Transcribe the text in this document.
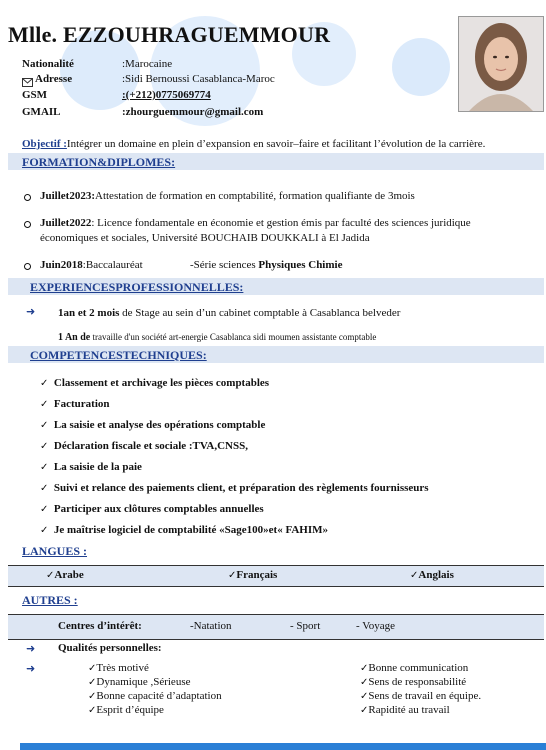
Mlle. EZZOUHRAGUEMMOUR
Nationalité	:Marocaine
Adresse	:Sidi Bernoussi Casablanca-Maroc
GSM	:(+212)0775069774
GMAIL	:zhourguemmour@gmail.com
Objectif :Intégrer un domaine en plein d’expansion en savoir–faire et facilitant l’évolution de la carrière.
FORMATION&DIPLOMES:
Juillet2023:Attestation de formation en comptabilité, formation qualifiante de 3mois
Juillet2022: Licence fondamentale en économie et gestion émis par faculté des sciences juridique
économiques et sociales, Université BOUCHAIB DOUKKALI à El Jadida
Juin2018:Baccalauréat	-Série sciences Physiques Chimie
EXPERIENCESPROFESSIONNELLES:
➜ 1an et 2 mois de Stage au sein d’un cabinet comptable à Casablanca belveder
1 An de travaille d'un société art-energie Casablanca sidi moumen assistante comptable
COMPETENCESTECHNIQUES:
✓ Classement et archivage les pièces comptables
✓ Facturation
✓ La saisie et analyse des opérations comptable
✓ Déclaration fiscale et sociale :TVA,CNSS,
✓ La saisie de la paie
✓ Suivi et relance des paiements client, et préparation des règlements fournisseurs
✓ Participer aux clôtures comptables annuelles
✓ Je maîtrise logiciel de comptabilité «Sage100»et« FAHIM»
LANGUES :
✓Arabe	✓Français	✓Anglais
AUTRES :
Centres d’intérêt:	-Natation	- Sport	- Voyage
➜ Qualités personnelles:
➜	✓Très motivé
✓Dynamique ,Sérieuse
✓Bonne capacité d’adaptation
✓Esprit d’équipe
✓Bonne communication
✓Sens de responsabilité
✓Sens de travail en équipe.
✓Rapidité au travail
